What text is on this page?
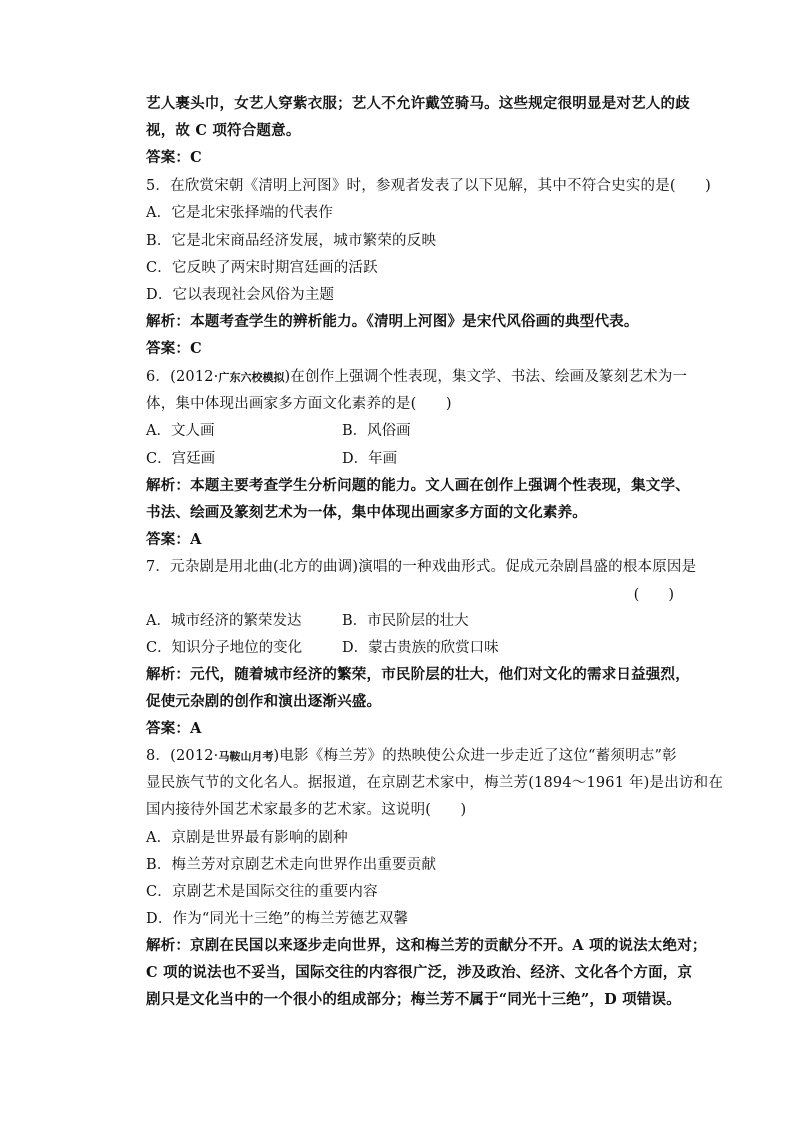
艺人裹头巾，女艺人穿紫衣服；艺人不允许戴笠骑马。这些规定很明显是对艺人的歧
视，故 C 项符合题意。
答案：C
5．在欣赏宋朝《清明上河图》时，参观者发表了以下见解，其中不符合史实的是(　　)
A．它是北宋张择端的代表作
B．它是北宋商品经济发展，城市繁荣的反映
C．它反映了两宋时期宫廷画的活跃
D．它以表现社会风俗为主题
解析：本题考查学生的辨析能力。《清明上河图》是宋代风俗画的典型代表。
答案：C
6．(2012·广东六校模拟)在创作上强调个性表现，集文学、书法、绘画及篆刻艺术为一
体，集中体现出画家多方面文化素养的是(　　)
A．文人画	B．风俗画
C．宫廷画	D．年画
解析：本题主要考查学生分析问题的能力。文人画在创作上强调个性表现，集文学、
书法、绘画及篆刻艺术为一体，集中体现出画家多方面的文化素养。
答案：A
7．元杂剧是用北曲(北方的曲调)演唱的一种戏曲形式。促成元杂剧昌盛的根本原因是
(　　)
A．城市经济的繁荣发达	B．市民阶层的壮大
C．知识分子地位的变化	D．蒙古贵族的欣赏口味
解析：元代，随着城市经济的繁荣，市民阶层的壮大，他们对文化的需求日益强烈，
促使元杂剧的创作和演出逐渐兴盛。
答案：A
8．(2012·马鞍山月考)电影《梅兰芳》的热映使公众进一步走近了这位“蓄须明志”彰
显民族气节的文化名人。据报道，在京剧艺术家中，梅兰芳(1894～1961 年)是出访和在
国内接待外国艺术家最多的艺术家。这说明(　　)
A．京剧是世界最有影响的剧种
B．梅兰芳对京剧艺术走向世界作出重要贡献
C．京剧艺术是国际交往的重要内容
D．作为“同光十三绝”的梅兰芳德艺双馨
解析：京剧在民国以来逐步走向世界，这和梅兰芳的贡献分不开。A 项的说法太绝对；
C 项的说法也不妥当，国际交往的内容很广泛，涉及政治、经济、文化各个方面，京
剧只是文化当中的一个很小的组成部分；梅兰芳不属于“同光十三绝”，D 项错误。
